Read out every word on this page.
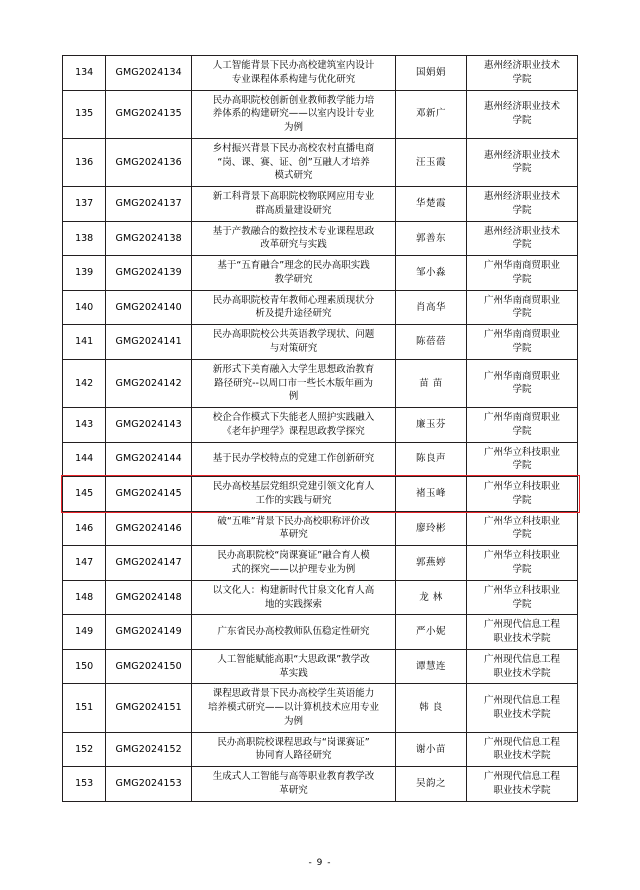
134	GMG2024134	人工智能背景下民办高校建筑室内设计
专业课程体系构建与优化研究	国娟娟	惠州经济职业技术
学院

135	GMG2024135	民办高职院校创新创业教师教学能力培
养体系的构建研究——以室内设计专业
为例	邓新广	惠州经济职业技术
学院

136	GMG2024136	乡村振兴背景下民办高校农村直播电商
“岗、课、赛、证、创”互融人才培养
模式研究	汪玉霞	惠州经济职业技术
学院

137	GMG2024137	新工科背景下高职院校物联网应用专业
群高质量建设研究	华楚霞	惠州经济职业技术
学院

138	GMG2024138	基于产教融合的数控技术专业课程思政
改革研究与实践	郭善东	惠州经济职业技术
学院

139	GMG2024139	基于“五育融合”理念的民办高职实践
教学研究	邹小淼	广州华南商贸职业
学院

140	GMG2024140	民办高职院校青年教师心理素质现状分
析及提升途径研究	肖高华	广州华南商贸职业
学院

141	GMG2024141	民办高职院校公共英语教学现状、问题
与对策研究	陈蓓蓓	广州华南商贸职业
学院

142	GMG2024142	新形式下美育融入大学生思想政治教育
路径研究--以周口市一些长木版年画为
例	苗 苗	广州华南商贸职业
学院

143	GMG2024143	校企合作模式下失能老人照护实践融入
《老年护理学》课程思政教学探究	廉玉芬	广州华南商贸职业
学院

144	GMG2024144	基于民办学校特点的党建工作创新研究	陈良声	广州华立科技职业
学院

145	GMG2024145	民办高校基层党组织党建引领文化育人
工作的实践与研究	褚玉峰	广州华立科技职业
学院

146	GMG2024146	破“五唯”背景下民办高校职称评价改
革研究	廖玲彬	广州华立科技职业
学院

147	GMG2024147	民办高职院校“岗课赛证”融合育人模
式的探究——以护理专业为例	郭燕婷	广州华立科技职业
学院

148	GMG2024148	以文化人：构建新时代甘泉文化育人高
地的实践探索	龙 林	广州华立科技职业
学院

149	GMG2024149	广东省民办高校教师队伍稳定性研究	严小妮	广州现代信息工程
职业技术学院

150	GMG2024150	人工智能赋能高职“大思政课”教学改
革实践	谭慧连	广州现代信息工程
职业技术学院

151	GMG2024151	课程思政背景下民办高校学生英语能力
培养模式研究——以计算机技术应用专业
为例	韩 良	广州现代信息工程
职业技术学院

152	GMG2024152	民办高职院校课程思政与“岗课赛证”
协同育人路径研究	谢小苗	广州现代信息工程
职业技术学院

153	GMG2024153	生成式人工智能与高等职业教育教学改
革研究	吴韵之	广州现代信息工程
职业技术学院
- 9 -
